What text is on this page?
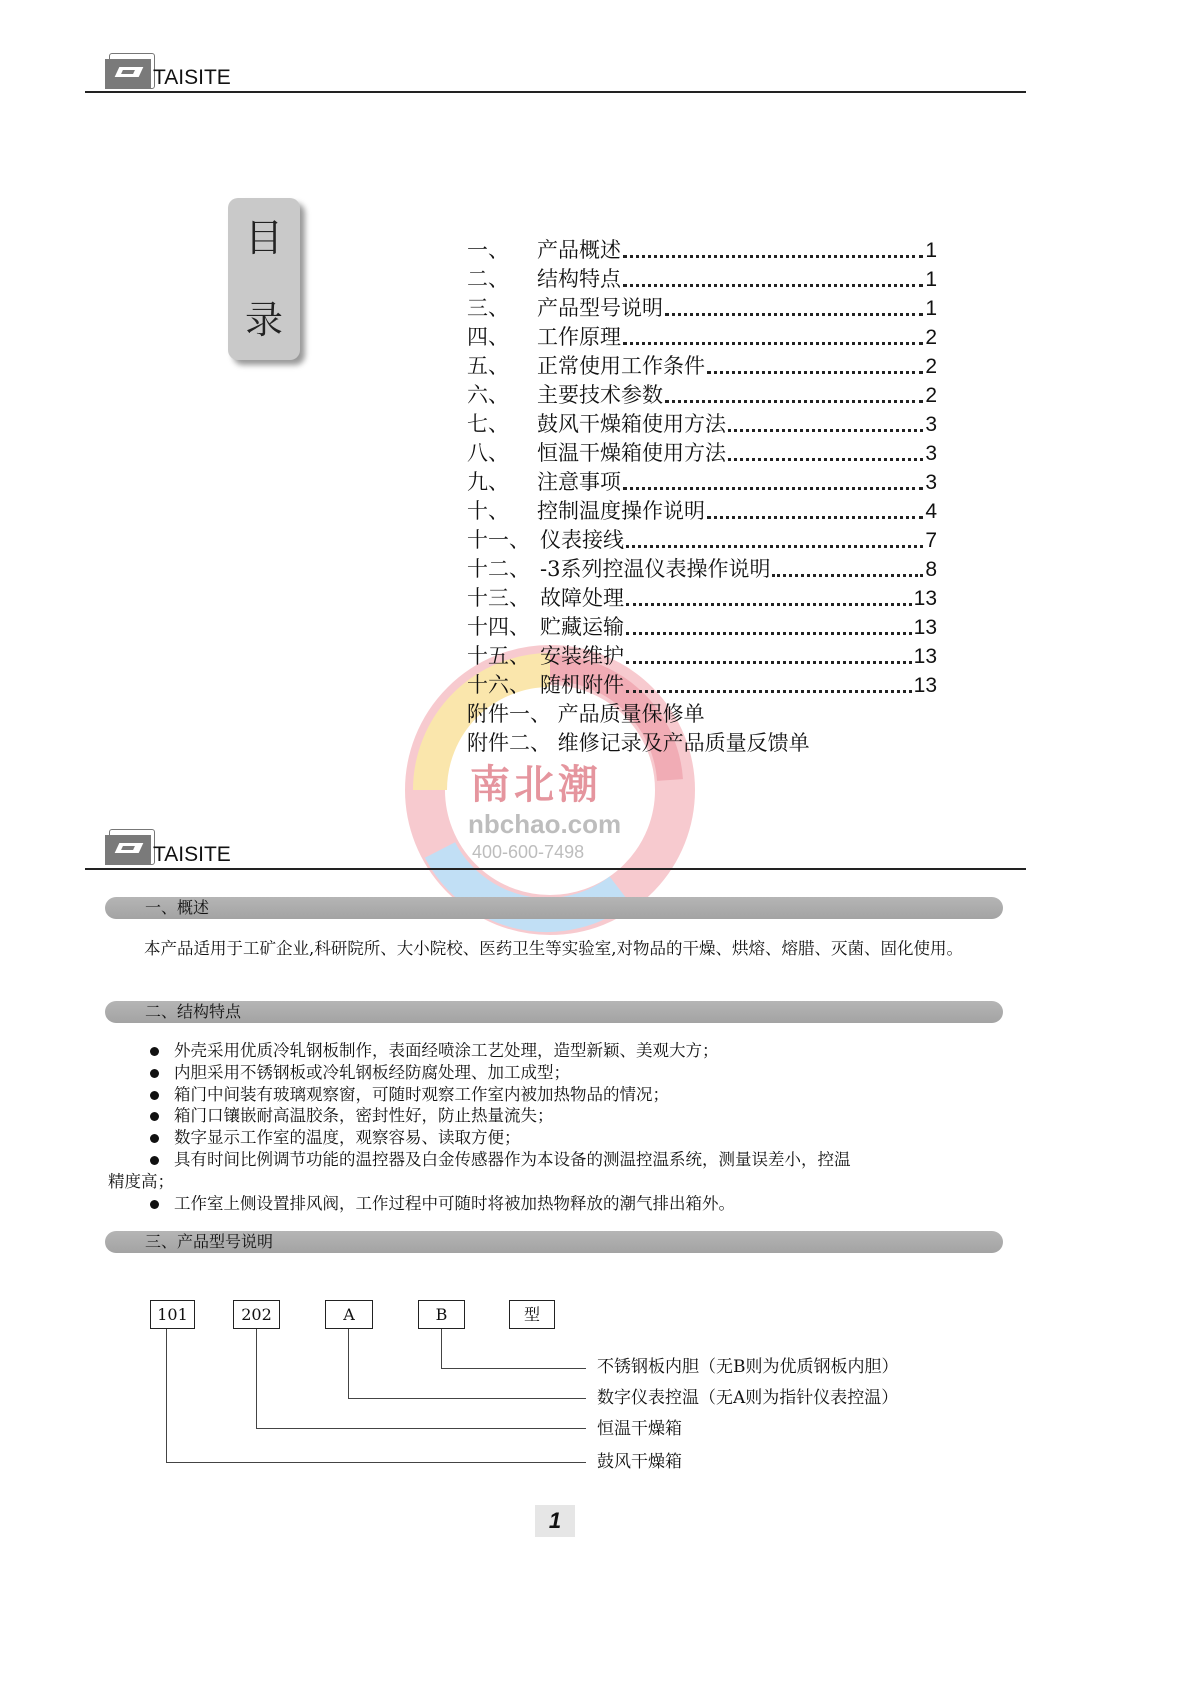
TAISITE
目
录
南北潮
nbchao.com
400-600-7498
一、 产品概述	1
二、 结构特点	1
三、 产品型号说明	1
四、 工作原理	2
五、 正常使用工作条件	2
六、 主要技术参数	2
七、 鼓风干燥箱使用方法	3
八、 恒温干燥箱使用方法	3
九、 注意事项	3
十、 控制温度操作说明	4
十一、 仪表接线	7
十二、 -3系列控温仪表操作说明	8
十三、 故障处理	13
十四、 贮藏运输	13
十五、 安装维护	13
十六、 随机附件	13
附件一、 产品质量保修单
附件二、 维修记录及产品质量反馈单
TAISITE
一、概述
本产品适用于工矿企业,科研院所、大小院校、医药卫生等实验室,对物品的干燥、烘熔、熔腊、灭菌、固化使用。
二、结构特点
外壳采用优质冷轧钢板制作，表面经喷涂工艺处理，造型新颖、美观大方；
内胆采用不锈钢板或冷轧钢板经防腐处理、加工成型；
箱门中间装有玻璃观察窗，可随时观察工作室内被加热物品的情况；
箱门口镶嵌耐高温胶条，密封性好，防止热量流失；
数字显示工作室的温度，观察容易、读取方便；
具有时间比例调节功能的温控器及白金传感器作为本设备的测温控温系统，测量误差小，控温
精度高；
工作室上侧设置排风阀，工作过程中可随时将被加热物释放的潮气排出箱外。
三、产品型号说明
101	202	A	B	型
不锈钢板内胆（无B则为优质钢板内胆）
数字仪表控温（无A则为指针仪表控温）
恒温干燥箱
鼓风干燥箱
1
